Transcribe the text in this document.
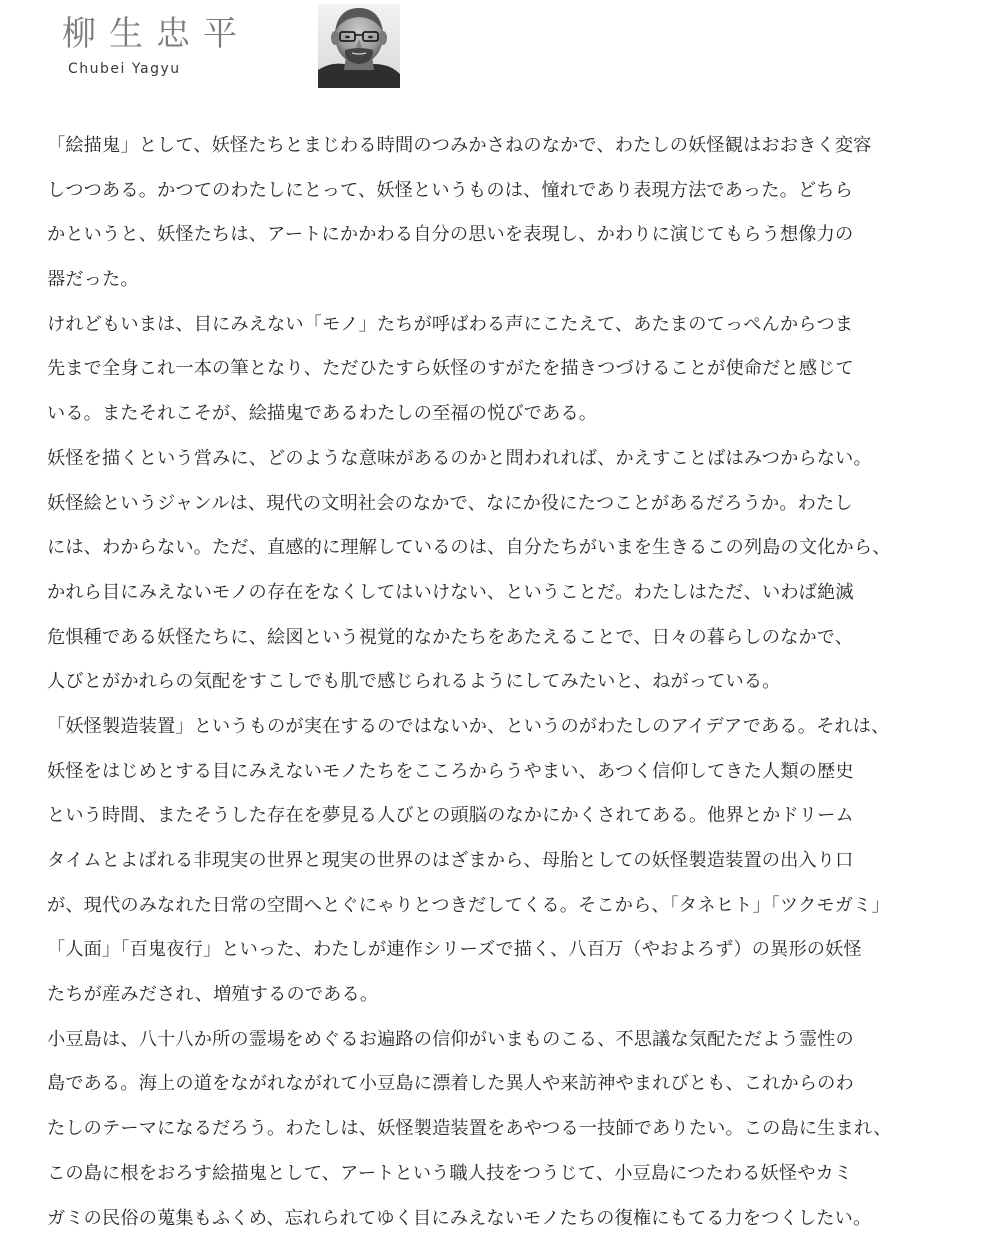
柳生忠平
Chubei Yagyu
「絵描鬼」として、妖怪たちとまじわる時間のつみかさねのなかで、わたしの妖怪観はおおきく変容
しつつある。かつてのわたしにとって、妖怪というものは、憧れであり表現方法であった。どちら
かというと、妖怪たちは、アートにかかわる自分の思いを表現し、かわりに演じてもらう想像力の
器だった。
けれどもいまは、目にみえない「モノ」たちが呼ばわる声にこたえて、あたまのてっぺんからつま
先まで全身これ一本の筆となり、ただひたすら妖怪のすがたを描きつづけることが使命だと感じて
いる。またそれこそが、絵描鬼であるわたしの至福の悦びである。
妖怪を描くという営みに、どのような意味があるのかと問われれば、かえすことばはみつからない。
妖怪絵というジャンルは、現代の文明社会のなかで、なにか役にたつことがあるだろうか。わたし
には、わからない。ただ、直感的に理解しているのは、自分たちがいまを生きるこの列島の文化から、
かれら目にみえないモノの存在をなくしてはいけない、ということだ。わたしはただ、いわば絶滅
危惧種である妖怪たちに、絵図という視覚的なかたちをあたえることで、日々の暮らしのなかで、
人びとがかれらの気配をすこしでも肌で感じられるようにしてみたいと、ねがっている。
「妖怪製造装置」というものが実在するのではないか、というのがわたしのアイデアである。それは、
妖怪をはじめとする目にみえないモノたちをこころからうやまい、あつく信仰してきた人類の歴史
という時間、またそうした存在を夢見る人びとの頭脳のなかにかくされてある。他界とかドリーム
タイムとよばれる非現実の世界と現実の世界のはざまから、母胎としての妖怪製造装置の出入り口
が、現代のみなれた日常の空間へとぐにゃりとつきだしてくる。そこから、「タネヒト」「ツクモガミ」
「人面」「百鬼夜行」といった、わたしが連作シリーズで描く、八百万（やおよろず）の異形の妖怪
たちが産みだされ、増殖するのである。
小豆島は、八十八か所の霊場をめぐるお遍路の信仰がいまものこる、不思議な気配ただよう霊性の
島である。海上の道をながれながれて小豆島に漂着した異人や来訪神やまれびとも、これからのわ
たしのテーマになるだろう。わたしは、妖怪製造装置をあやつる一技師でありたい。この島に生まれ、
この島に根をおろす絵描鬼として、アートという職人技をつうじて、小豆島につたわる妖怪やカミ
ガミの民俗の蒐集もふくめ、忘れられてゆく目にみえないモノたちの復権にもてる力をつくしたい。
